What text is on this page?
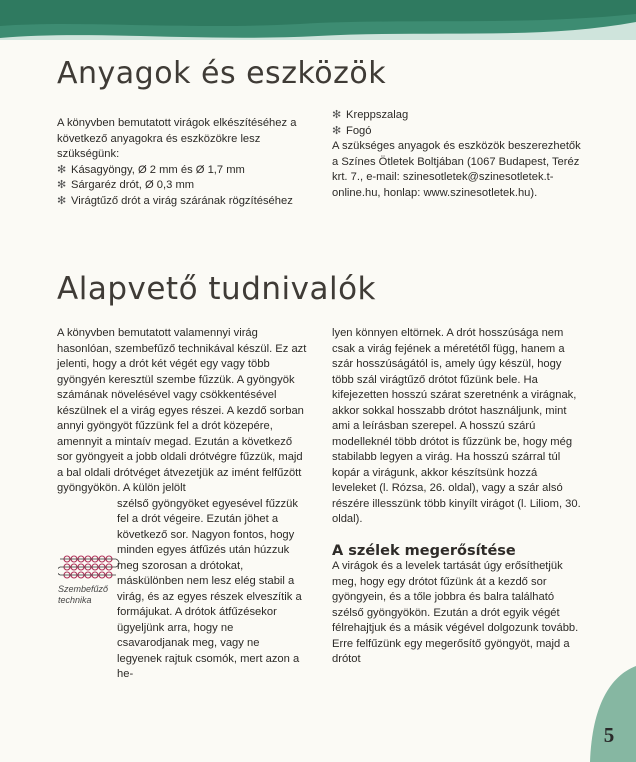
Anyagok és eszközök

A könyvben bemutatott virágok elkészítéséhez a következő anyagokra és eszközökre lesz szükségünk:

✻ Kásagyöngy, Ø 2 mm és Ø 1,7 mm
✻ Sárgaréz drót, Ø 0,3 mm
✻ Virágtűző drót a virág szárának rögzítéséhez
✻ Kreppszalag
✻ Fogó

A szükséges anyagok és eszközök beszerezhetők a Színes Ötletek Boltjában (1067 Budapest, Teréz krt. 7., e-mail: szinesotletek@szinesotletek.t-online.hu, honlap: www.szinesotletek.hu).

Alapvető tudnivalók

A könyvben bemutatott valamennyi virág hasonlóan, szembefűző technikával készül. Ez azt jelenti, hogy a drót két végét egy vagy több gyöngyén keresztül szembe fűzzük. A gyöngyök számának növelésével vagy csökkentésével készülnek el a virág egyes részei. A kezdő sorban annyi gyöngyöt fűzzünk fel a drót közepére, amennyit a mintaív megad. Ezután a következő sor gyöngyeit a jobb oldali drótvégre fűzzük, majd a bal oldali drótvéget átvezetjük az imént felfűzött gyöngyökön. A külön jelölt

szélső gyöngyöket egyesével fűzzük fel a drót végeire. Ezután jöhet a következő sor. Nagyon fontos, hogy minden egyes átfűzés után húzzuk meg szorosan a drótokat, máskülönben nem lesz elég stabil a virág, és az egyes részek elveszítik a formájukat. A drótok átfűzésekor ügyeljünk arra, hogy ne csavarodjanak meg, vagy ne legyenek rajtuk csomók, mert azon a he-

Szembefűző technika

lyen könnyen eltörnek. A drót hosszúsága nem csak a virág fejének a méretétől függ, hanem a szár hosszúságától is, amely úgy készül, hogy több szál virágtűző drótot fűzünk bele. Ha kifejezetten hosszú szárat szeretnénk a virágnak, akkor sokkal hosszabb drótot használjunk, mint ami a leírásban szerepel. A hosszú szárú modelleknél több drótot is fűzzünk be, hogy még stabilabb legyen a virág. Ha hosszú szárral túl kopár a virágunk, akkor készítsünk hozzá leveleket (l. Rózsa, 26. oldal), vagy a szár alsó részére illesszünk több kinyílt virágot (l. Liliom, 30. oldal).

A szélek megerősítése

A virágok és a levelek tartását úgy erősíthetjük meg, hogy egy drótot fűzünk át a kezdő sor gyöngyein, és a tőle jobbra és balra található szélső gyöngyökön. Ezután a drót egyik végét félrehajtjuk és a másik végével dolgozunk tovább. Erre felfűzünk egy megerősítő gyöngyöt, majd a drótot

5
